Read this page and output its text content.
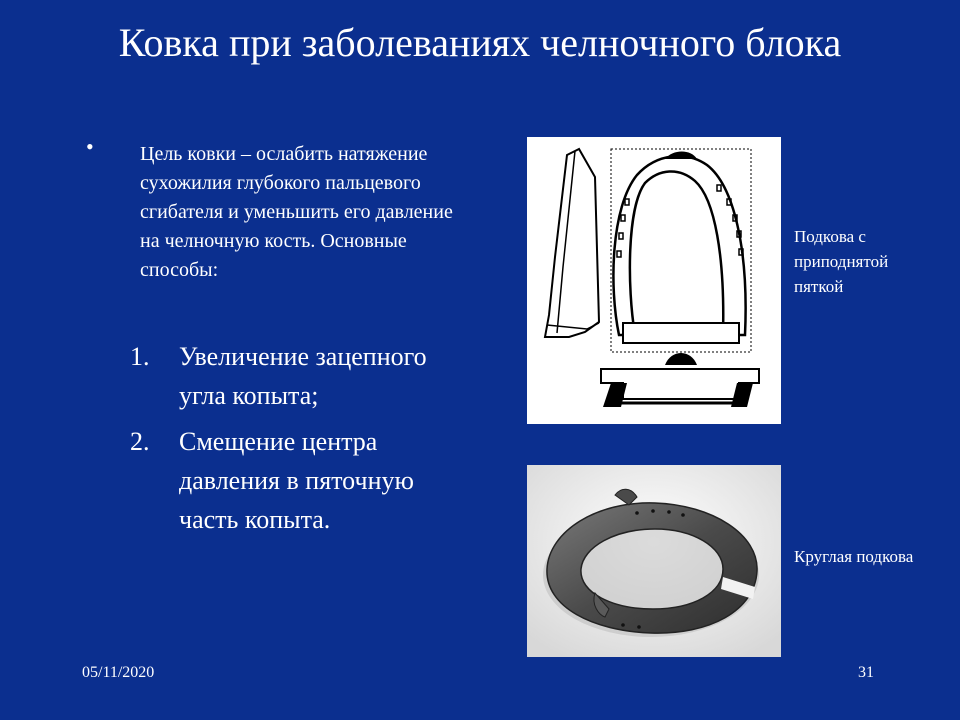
Ковка при заболеваниях челночного блока
• Цель ковки – ослабить натяжение сухожилия глубокого пальцевого сгибателя и уменьшить его давление на челночную кость. Основные способы:
1.	Увеличение зацепного угла копыта;
2.	Смещение центра давления в пяточную часть копыта.
Подкова с приподнятой пяткой
Круглая подкова
05/11/2020	31
